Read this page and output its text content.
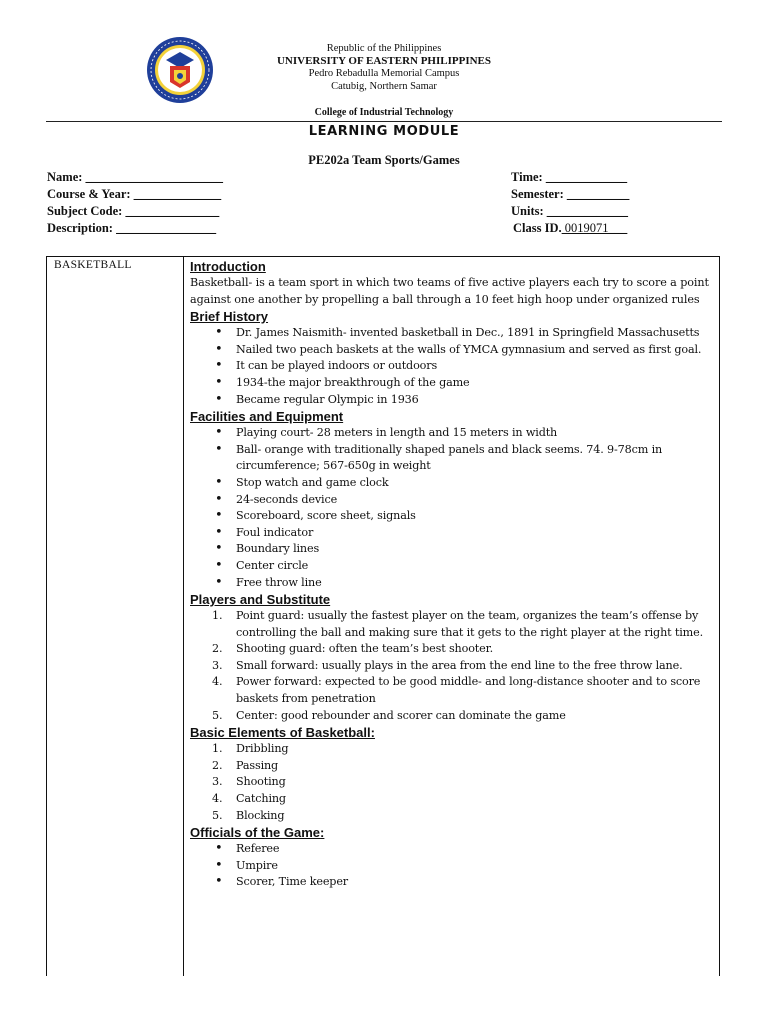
Republic of the Philippines
UNIVERSITY OF EASTERN PHILIPPINES
Pedro Rebadulla Memorial Campus
Catubig, Northern Samar
College of Industrial Technology
LEARNING MODULE
PE202a Team Sports/Games
Name: ______________________
Course & Year: ______________
Subject Code: _______________
Description: ________________
Time: _____________
Semester: __________
Units: _____________
Class ID. 0019071___
BASKETBALL	Introduction
Basketball- is a team sport in which two teams of five active players each try to score a point against one another by propelling a ball through a 10 feet high hoop under organized rules
Brief History
• Dr. James Naismith- invented basketball in Dec., 1891 in Springfield Massachusetts
• Nailed two peach baskets at the walls of YMCA gymnasium and served as first goal.
• It can be played indoors or outdoors
• 1934-the major breakthrough of the game
• Became regular Olympic in 1936
Facilities and Equipment
• Playing court- 28 meters in length and 15 meters in width
• Ball- orange with traditionally shaped panels and black seems. 74. 9-78cm in circumference; 567-650g in weight
• Stop watch and game clock
• 24-seconds device
• Scoreboard, score sheet, signals
• Foul indicator
• Boundary lines
• Center circle
• Free throw line
Players and Substitute
1. Point guard: usually the fastest player on the team, organizes the team’s offense by controlling the ball and making sure that it gets to the right player at the right time.
2. Shooting guard: often the team’s best shooter.
3. Small forward: usually plays in the area from the end line to the free throw lane.
4. Power forward: expected to be good middle- and long-distance shooter and to score baskets from penetration
5. Center: good rebounder and scorer can dominate the game
Basic Elements of Basketball:
1. Dribbling
2. Passing
3. Shooting
4. Catching
5. Blocking
Officials of the Game:
• Referee
• Umpire
• Scorer, Time keeper
